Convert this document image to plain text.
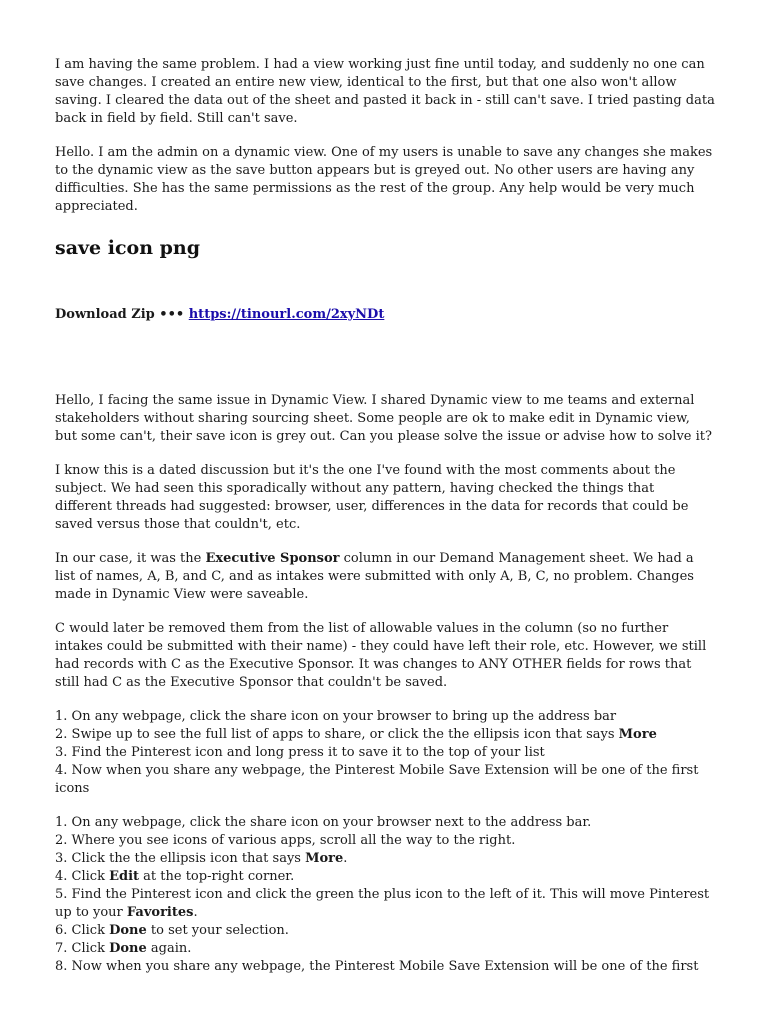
I am having the same problem. I had a view working just fine until today, and suddenly no one can save changes. I created an entire new view, identical to the first, but that one also won't allow saving. I cleared the data out of the sheet and pasted it back in - still can't save. I tried pasting data back in field by field. Still can't save.

Hello. I am the admin on a dynamic view. One of my users is unable to save any changes she makes to the dynamic view as the save button appears but is greyed out. No other users are having any difficulties. She has the same permissions as the rest of the group. Any help would be very much appreciated.

save icon png
Download Zip ••• https://tinourl.com/2xyNDt

Hello, I facing the same issue in Dynamic View. I shared Dynamic view to me teams and external stakeholders without sharing sourcing sheet. Some people are ok to make edit in Dynamic view, but some can't, their save icon is grey out. Can you please solve the issue or advise how to solve it?

I know this is a dated discussion but it's the one I've found with the most comments about the subject. We had seen this sporadically without any pattern, having checked the things that different threads had suggested: browser, user, differences in the data for records that could be saved versus those that couldn't, etc.

In our case, it was the Executive Sponsor column in our Demand Management sheet. We had a list of names, A, B, and C, and as intakes were submitted with only A, B, C, no problem. Changes made in Dynamic View were saveable.

C would later be removed them from the list of allowable values in the column (so no further intakes could be submitted with their name) - they could have left their role, etc. However, we still had records with C as the Executive Sponsor. It was changes to ANY OTHER fields for rows that still had C as the Executive Sponsor that couldn't be saved.

1. On any webpage, click the share icon on your browser to bring up the address bar

2. Swipe up to see the full list of apps to share, or click the the ellipsis icon that says More

3. Find the Pinterest icon and long press it to save it to the top of your list

4. Now when you share any webpage, the Pinterest Mobile Save Extension will be one of the first icons

1. On any webpage, click the share icon on your browser next to the address bar.

2. Where you see icons of various apps, scroll all the way to the right.

3. Click the the ellipsis icon that says More.

4. Click Edit at the top-right corner.

5. Find the Pinterest icon and click the green the plus icon to the left of it. This will move Pinterest up to your Favorites.

6. Click Done to set your selection.

7. Click Done again.

8. Now when you share any webpage, the Pinterest Mobile Save Extension will be one of the first
